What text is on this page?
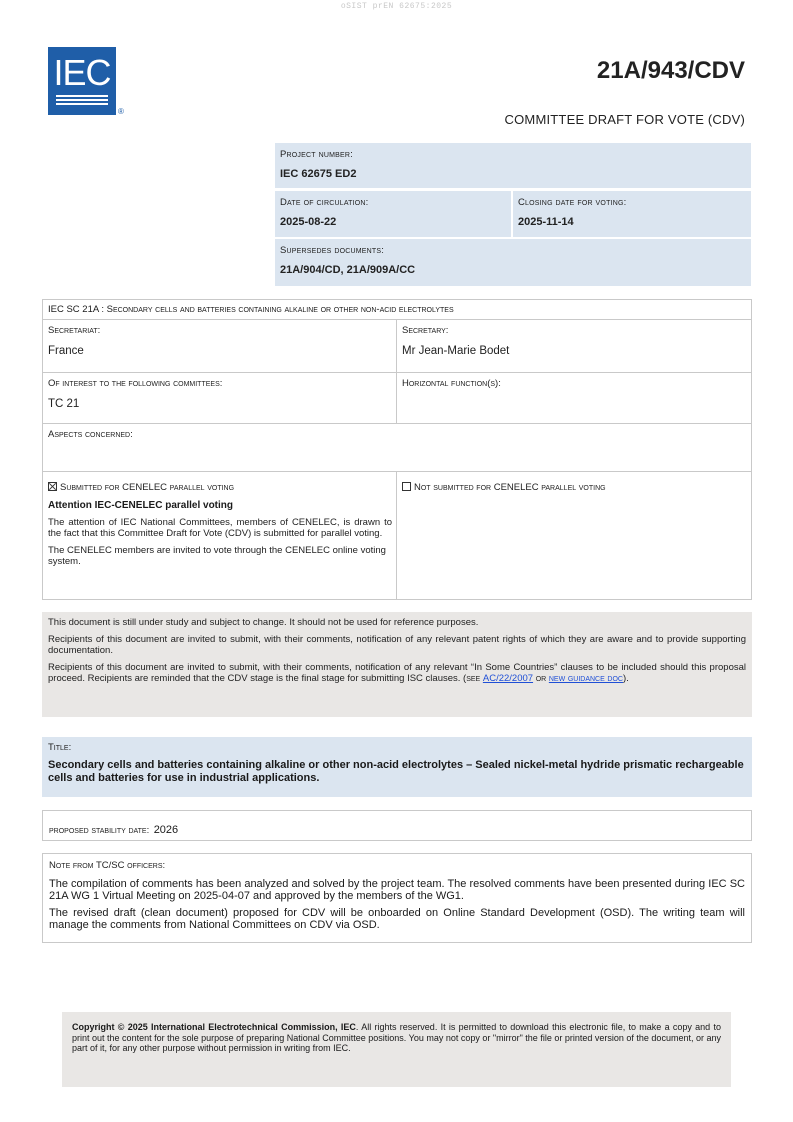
oSIST prEN 62675:2025
IEC
®
21A/943/CDV
COMMITTEE DRAFT FOR VOTE (CDV)
Project number:
IEC 62675 ED2
Date of circulation:
2025-08-22
Closing date for voting:
2025-11-14
Supersedes documents:
21A/904/CD, 21A/909A/CC
IEC SC 21A : Secondary cells and batteries containing alkaline or other non-acid electrolytes
Secretariat:
France
Secretary:
Mr Jean-Marie Bodet
Of interest to the following committees:
TC 21
Horizontal function(s):
Aspects concerned:
Submitted for CENELEC parallel voting
Attention IEC-CENELEC parallel voting
The attention of IEC National Committees, members of CENELEC, is drawn to the fact that this Committee Draft for Vote (CDV) is submitted for parallel voting.
The CENELEC members are invited to vote through the CENELEC online voting system.
Not submitted for CENELEC parallel voting
This document is still under study and subject to change. It should not be used for reference purposes.
Recipients of this document are invited to submit, with their comments, notification of any relevant patent rights of which they are aware and to provide supporting documentation.
Recipients of this document are invited to submit, with their comments, notification of any relevant “In Some Countries” clauses to be included should this proposal proceed. Recipients are reminded that the CDV stage is the final stage for submitting ISC clauses. (see AC/22/2007 or new guidance doc).
Title:
Secondary cells and batteries containing alkaline or other non-acid electrolytes – Sealed nickel-metal hydride prismatic rechargeable cells and batteries for use in industrial applications.
proposed stability date: 2026
Note from TC/SC officers:
The compilation of comments has been analyzed and solved by the project team. The resolved comments have been presented during IEC SC 21A WG 1 Virtual Meeting on 2025-04-07 and approved by the members of the WG1.
The revised draft (clean document) proposed for CDV will be onboarded on Online Standard Development (OSD). The writing team will manage the comments from National Committees on CDV via OSD.
Copyright © 2025 International Electrotechnical Commission, IEC. All rights reserved. It is permitted to download this electronic file, to make a copy and to print out the content for the sole purpose of preparing National Committee positions. You may not copy or "mirror" the file or printed version of the document, or any part of it, for any other purpose without permission in writing from IEC.
